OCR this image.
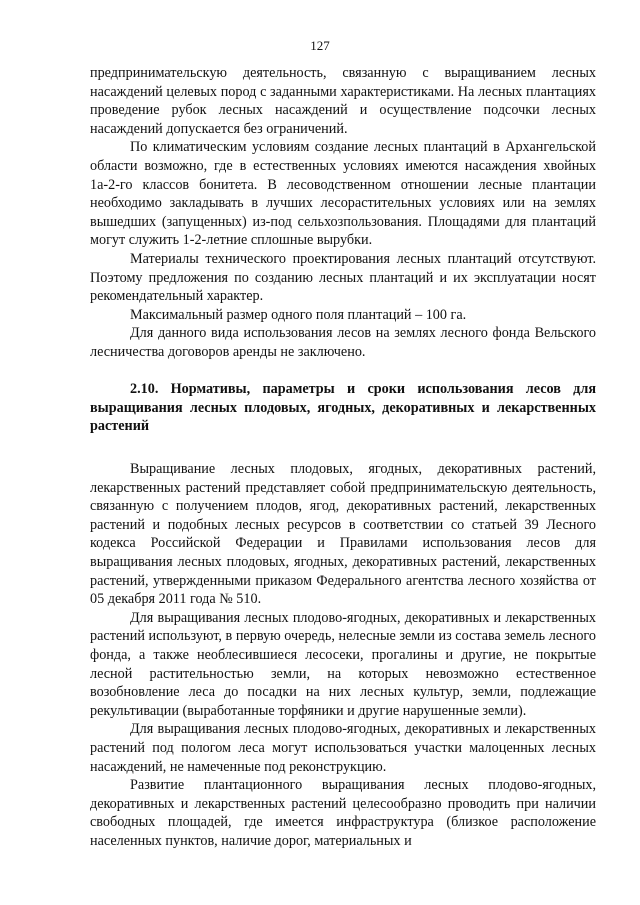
127

предпринимательскую деятельность, связанную с выращиванием лесных насаждений целевых пород с заданными характеристиками. На лесных плантациях проведение рубок лесных насаждений и осуществление подсочки лесных насаждений допускается без ограничений.

По климатическим условиям создание лесных плантаций в Архангельской области возможно, где в естественных условиях имеются насаждения хвойных 1а-2-го классов бонитета. В лесоводственном отношении лесные плантации необходимо закладывать в лучших лесорастительных условиях или на землях вышедших (запущенных) из-под сельхозпользования. Площадями для плантаций могут служить 1-2-летние сплошные вырубки.

Материалы технического проектирования лесных плантаций отсутствуют. Поэтому предложения по созданию лесных плантаций и их эксплуатации носят рекомендательный характер.

Максимальный размер одного поля плантаций – 100 га.

Для данного вида использования лесов на землях лесного фонда Вельского лесничества договоров аренды не заключено.

2.10. Нормативы, параметры и сроки использования лесов для выращивания лесных плодовых, ягодных, декоративных и лекарственных растений

Выращивание лесных плодовых, ягодных, декоративных растений, лекарственных растений представляет собой предпринимательскую деятельность, связанную с получением плодов, ягод, декоративных растений, лекарственных растений и подобных лесных ресурсов в соответствии со статьей 39 Лесного кодекса Российской Федерации и Правилами использования лесов для выращивания лесных плодовых, ягодных, декоративных растений, лекарственных растений, утвержденными приказом Федерального агентства лесного хозяйства от 05 декабря 2011 года № 510.

Для выращивания лесных плодово-ягодных, декоративных и лекарственных растений используют, в первую очередь, нелесные земли из состава земель лесного фонда, а также необлесившиеся лесосеки, прогалины и другие, не покрытые лесной растительностью земли, на которых невозможно естественное возобновление леса до посадки на них лесных культур, земли, подлежащие рекультивации (выработанные торфяники и другие нарушенные земли).

Для выращивания лесных плодово-ягодных, декоративных и лекарственных растений под пологом леса могут использоваться участки малоценных лесных насаждений, не намеченные под реконструкцию.

Развитие плантационного выращивания лесных плодово-ягодных, декоративных и лекарственных растений целесообразно проводить при наличии свободных площадей, где имеется инфраструктура (близкое расположение населенных пунктов, наличие дорог, материальных и
